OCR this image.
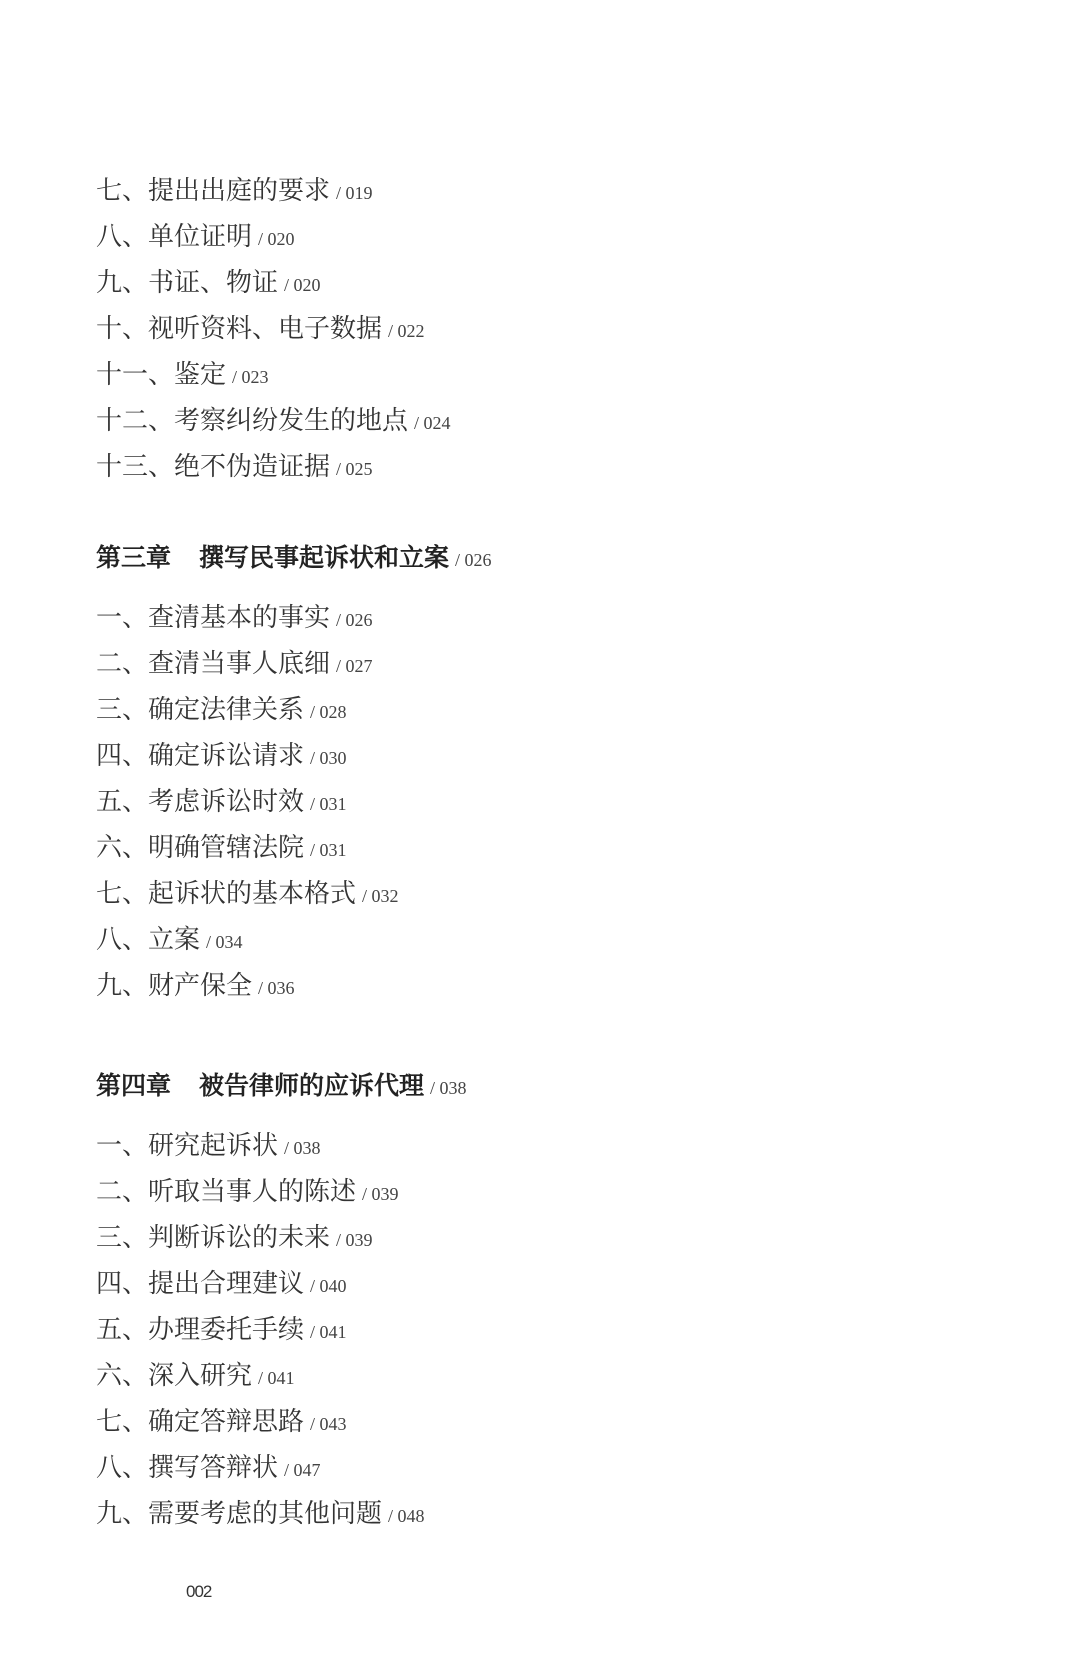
七、提出出庭的要求 / 019
八、单位证明 / 020
九、书证、物证 / 020
十、视听资料、电子数据 / 022
十一、鉴定 / 023
十二、考察纠纷发生的地点 / 024
十三、绝不伪造证据 / 025
第三章 撰写民事起诉状和立案 / 026
一、查清基本的事实 / 026
二、查清当事人底细 / 027
三、确定法律关系 / 028
四、确定诉讼请求 / 030
五、考虑诉讼时效 / 031
六、明确管辖法院 / 031
七、起诉状的基本格式 / 032
八、立案 / 034
九、财产保全 / 036
第四章 被告律师的应诉代理 / 038
一、研究起诉状 / 038
二、听取当事人的陈述 / 039
三、判断诉讼的未来 / 039
四、提出合理建议 / 040
五、办理委托手续 / 041
六、深入研究 / 041
七、确定答辩思路 / 043
八、撰写答辩状 / 047
九、需要考虑的其他问题 / 048
002
